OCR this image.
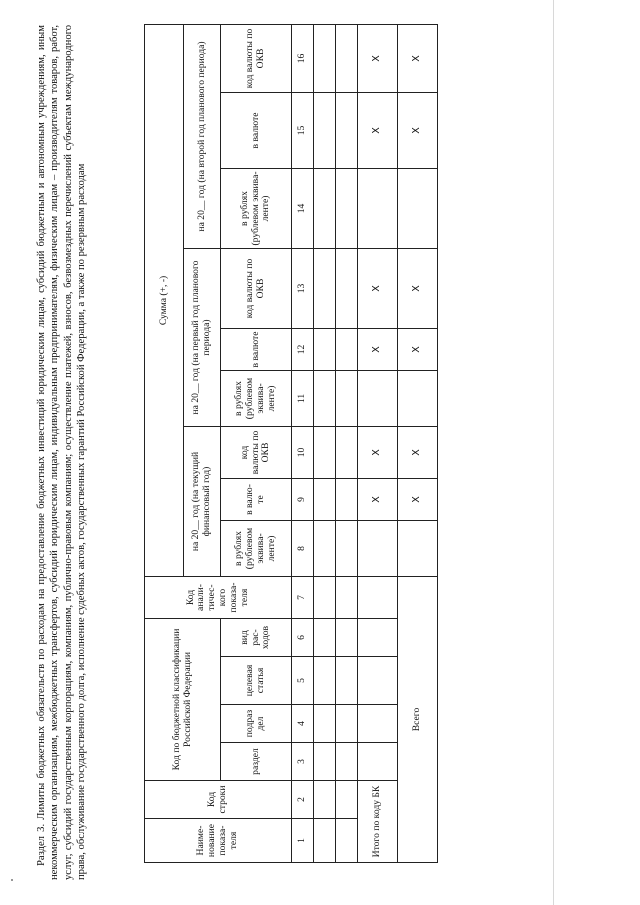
Раздел 3. Лимиты бюджетных обязательств по расходам на предоставление бюджетных инвестиций юридическим лицам, субсидий бюджетным и автономным учреждениям, иным некоммерческим организациям, межбюджетных трансфертов, субсидий юридическим лицам, индивидуальным предпринимателям, физическим лицам – производителям товаров, работ, услуг, субсидий государственным корпорациям, компаниям, публично-правовым компаниям; осуществление платежей, взносов, безвозмездных перечислений субъектам международного права, обслуживание государственного долга, исполнение судебных актов, государственных гарантий Российской Федерации, а также по резервным расходам	Наиме-нование показа-теля	Код строки	Код по бюджетной классификации Российской Федерации				Код анали-тичес-кого показа-теля	Сумма (+, -)								
							на 20__ год (на текущий финансовый год)			на 20__ год (на первый год планового периода)			на 20__ год (на второй год планового периода)		
		раздел	подраз дел	целевая статья	вид рас-ходов		в рублях (рублевом эквива-ленте)	в валю-те	код валюты по ОКВ	в рублях (рублевом эквива-ленте)	в валюте	код валюты по ОКВ	в рублях (рублевом эквива-ленте)	в валюте	код валюты по ОКВ
1	2	3	4	5	6	7	8	9	10	11	12	13	14	15	16

Итого по коду БК								X	X		X	X		X	X
Всего								X	X		X	X		X	X
